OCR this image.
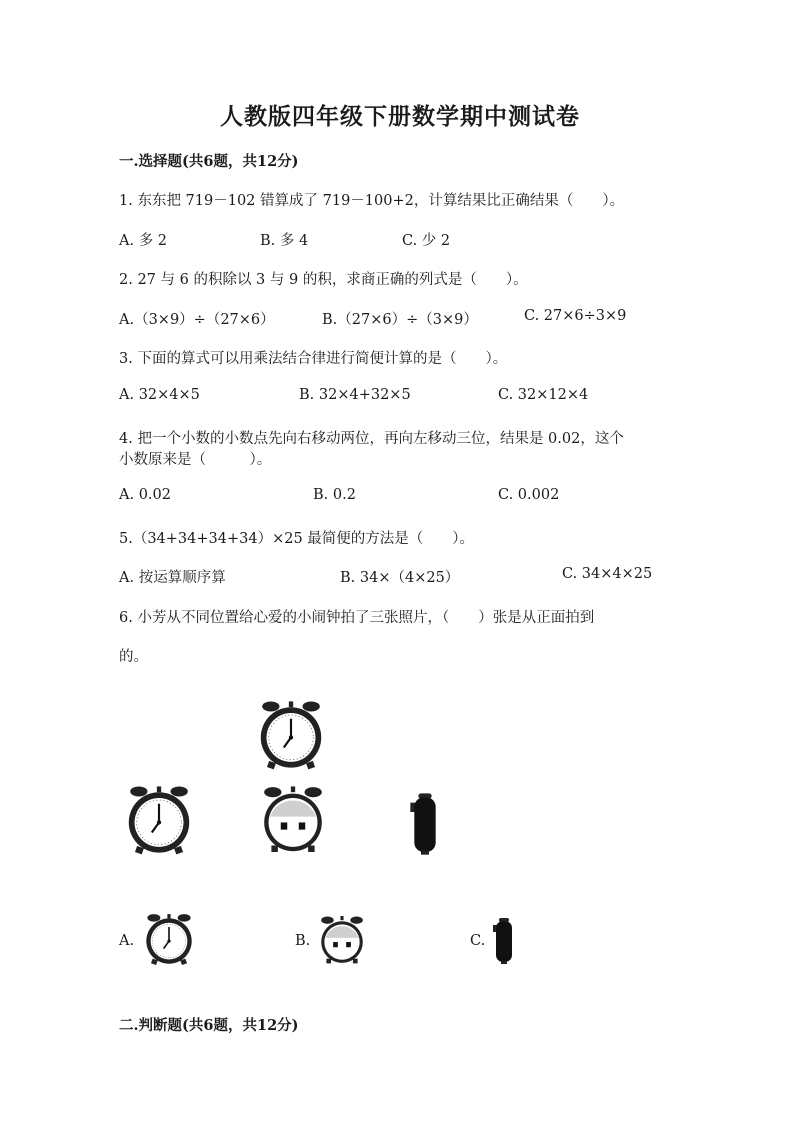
人教版四年级下册数学期中测试卷
一.选择题(共6题，共12分)
1. 东东把 719－102 错算成了 719－100+2，计算结果比正确结果（　　）。
A. 多 2	B. 多 4	C. 少 2
2. 27 与 6 的积除以 3 与 9 的积，求商正确的列式是（　　）。
A.（3×9）÷（27×6）	B.（27×6）÷（3×9）	C. 27×6÷3×9
3. 下面的算式可以用乘法结合律进行简便计算的是（　　）。
A. 32×4×5	B. 32×4+32×5	C. 32×12×4
4. 把一个小数的小数点先向右移动两位，再向左移动三位，结果是 0.02，这个
小数原来是（　　　）。
A. 0.02	B. 0.2	C. 0.002
5.（34+34+34+34）×25 最简便的方法是（　　）。
A. 按运算顺序算	B. 34×（4×25）	C. 34×4×25
6. 小芳从不同位置给心爱的小闹钟拍了三张照片，（　　）张是从正面拍到
的。
A.	B.	C.
二.判断题(共6题，共12分)
